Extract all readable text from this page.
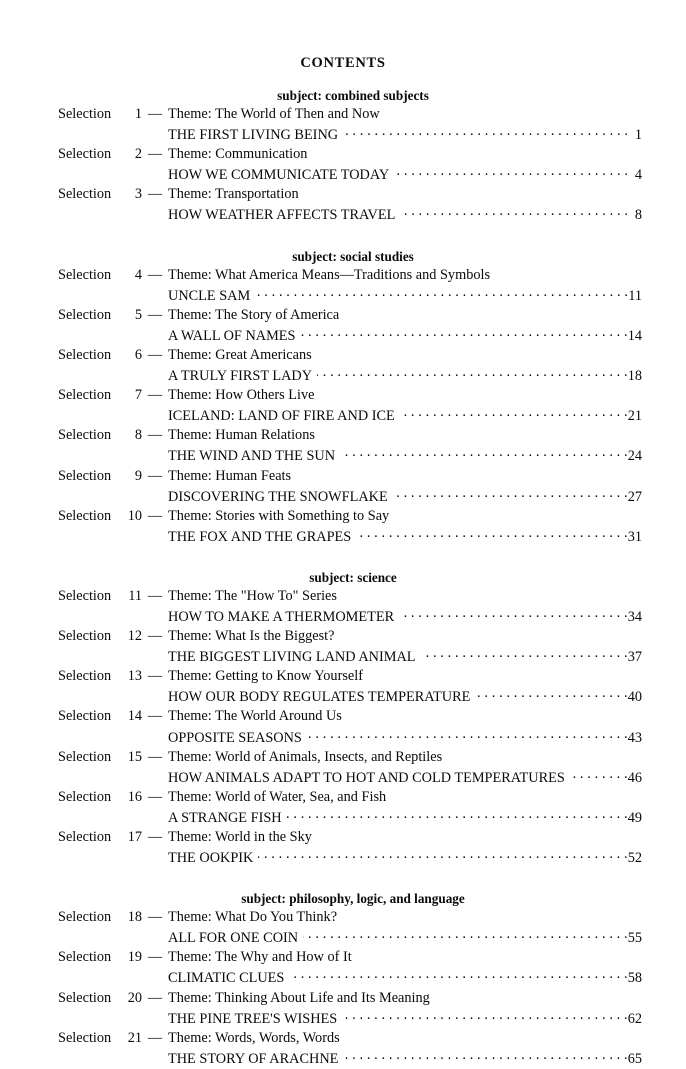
CONTENTS
subject: combined subjects
Selection	1 — Theme: The World of Then and Now
THE FIRST LIVING BEING . . .	1
Selection	2 — Theme: Communication
HOW WE COMMUNICATE TODAY . . .	4
Selection	3 — Theme: Transportation
HOW WEATHER AFFECTS TRAVEL . . .	8
subject: social studies
Selection	4 — Theme: What America Means—Traditions and Symbols
UNCLE SAM . . .	11
Selection	5 — Theme: The Story of America
A WALL OF NAMES . . .	14
Selection	6 — Theme: Great Americans
A TRULY FIRST LADY . . .	18
Selection	7 — Theme: How Others Live
ICELAND: LAND OF FIRE AND ICE . . .	21
Selection	8 — Theme: Human Relations
THE WIND AND THE SUN . . .	24
Selection	9 — Theme: Human Feats
DISCOVERING THE SNOWFLAKE . . .	27
Selection	10 — Theme: Stories with Something to Say
THE FOX AND THE GRAPES . . .	31
subject: science
Selection	11 — Theme: The "How To" Series
HOW TO MAKE A THERMOMETER . . .	34
Selection	12 — Theme: What Is the Biggest?
THE BIGGEST LIVING LAND ANIMAL . . .	37
Selection	13 — Theme: Getting to Know Yourself
HOW OUR BODY REGULATES TEMPERATURE . . .	40
Selection	14 — Theme: The World Around Us
OPPOSITE SEASONS . . .	43
Selection	15 — Theme: World of Animals, Insects, and Reptiles
HOW ANIMALS ADAPT TO HOT AND COLD TEMPERATURES . . .	46
Selection	16 — Theme: World of Water, Sea, and Fish
A STRANGE FISH . . .	49
Selection	17 — Theme: World in the Sky
THE OOKPIK . . .	52
subject: philosophy, logic, and language
Selection	18 — Theme: What Do You Think?
ALL FOR ONE COIN . . .	55
Selection	19 — Theme: The Why and How of It
CLIMATIC CLUES . . .	58
Selection	20 — Theme: Thinking About Life and Its Meaning
THE PINE TREE'S WISHES . . .	62
Selection	21 — Theme: Words, Words, Words
THE STORY OF ARACHNE . . .	65
